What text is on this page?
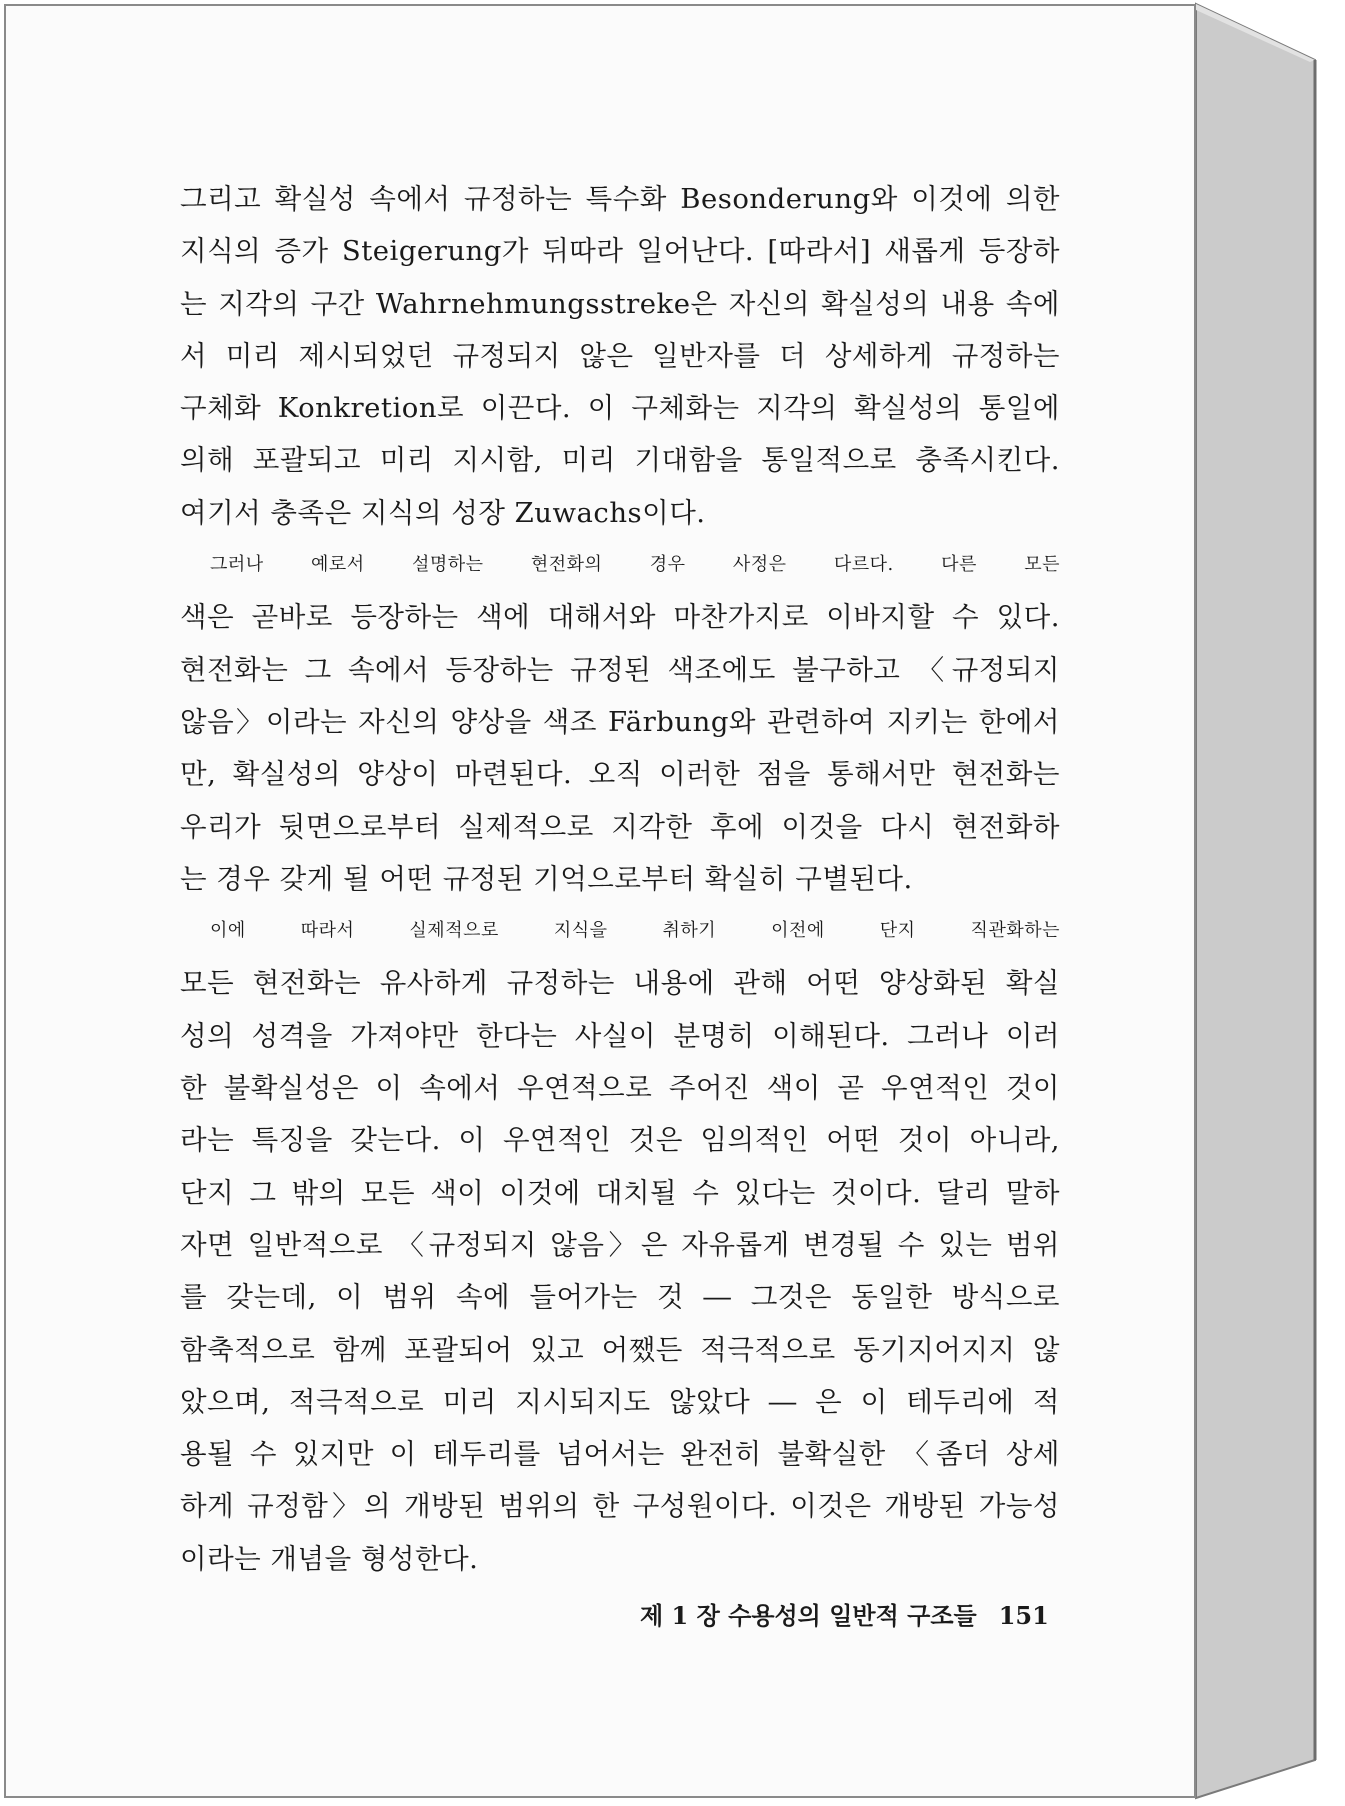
그리고 확실성 속에서 규정하는 특수화 Besonderung와 이것에 의한
지식의 증가 Steigerung가 뒤따라 일어난다. [따라서] 새롭게 등장하
는 지각의 구간 Wahrnehmungsstreke은 자신의 확실성의 내용 속에
서 미리 제시되었던 규정되지 않은 일반자를 더 상세하게 규정하는
구체화 Konkretion로 이끈다. 이 구체화는 지각의 확실성의 통일에
의해 포괄되고 미리 지시함, 미리 기대함을 통일적으로 충족시킨다.
여기서 충족은 지식의 성장 Zuwachs이다.

그러나 예로서 설명하는 현전화의 경우 사정은 다르다. 다른 모든
색은 곧바로 등장하는 색에 대해서와 마찬가지로 이바지할 수 있다.
현전화는 그 속에서 등장하는 규정된 색조에도 불구하고 〈규정되지
않음〉이라는 자신의 양상을 색조 Färbung와 관련하여 지키는 한에서
만, 확실성의 양상이 마련된다. 오직 이러한 점을 통해서만 현전화는
우리가 뒷면으로부터 실제적으로 지각한 후에 이것을 다시 현전화하
는 경우 갖게 될 어떤 규정된 기억으로부터 확실히 구별된다.

이에 따라서 실제적으로 지식을 취하기 이전에 단지 직관화하는
모든 현전화는 유사하게 규정하는 내용에 관해 어떤 양상화된 확실
성의 성격을 가져야만 한다는 사실이 분명히 이해된다. 그러나 이러
한 불확실성은 이 속에서 우연적으로 주어진 색이 곧 우연적인 것이
라는 특징을 갖는다. 이 우연적인 것은 임의적인 어떤 것이 아니라,
단지 그 밖의 모든 색이 이것에 대치될 수 있다는 것이다. 달리 말하
자면 일반적으로 〈규정되지 않음〉은 자유롭게 변경될 수 있는 범위
를 갖는데, 이 범위 속에 들어가는 것 ― 그것은 동일한 방식으로
함축적으로 함께 포괄되어 있고 어쨌든 적극적으로 동기지어지지 않
았으며, 적극적으로 미리 지시되지도 않았다 ― 은 이 테두리에 적
용될 수 있지만 이 테두리를 넘어서는 완전히 불확실한 〈좀더 상세
하게 규정함〉의 개방된 범위의 한 구성원이다. 이것은 개방된 가능성
이라는 개념을 형성한다.

제 1 장 수용성의 일반적 구조들 151
